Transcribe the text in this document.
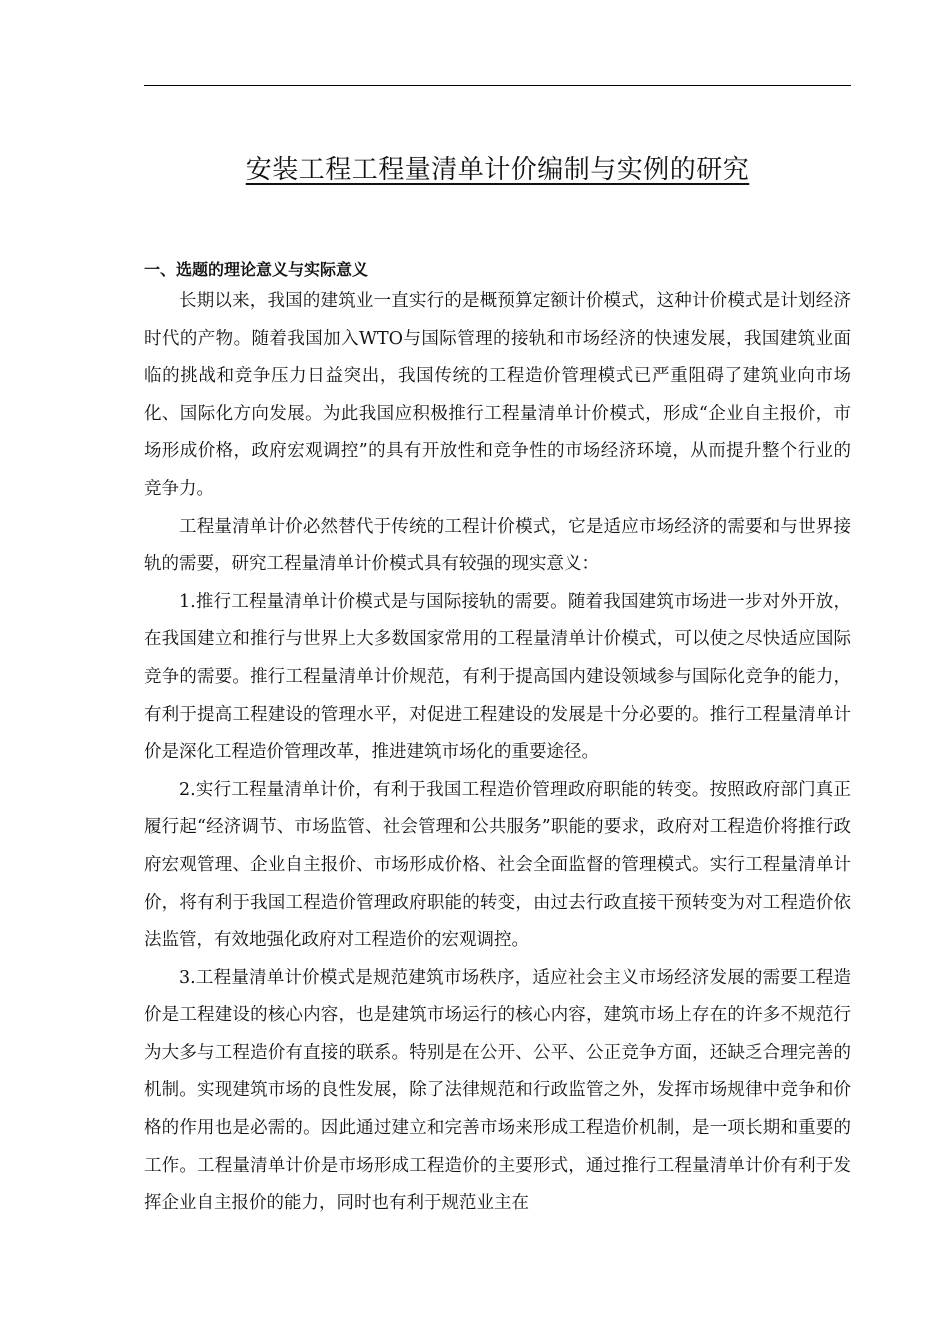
安装工程工程量清单计价编制与实例的研究
一、选题的理论意义与实际意义

长期以来，我国的建筑业一直实行的是概预算定额计价模式，这种计价模式是计划经济时代的产物。随着我国加入WTO与国际管理的接轨和市场经济的快速发展，我国建筑业面临的挑战和竞争压力日益突出，我国传统的工程造价管理模式已严重阻碍了建筑业向市场化、国际化方向发展。为此我国应积极推行工程量清单计价模式，形成“企业自主报价，市场形成价格，政府宏观调控”的具有开放性和竞争性的市场经济环境，从而提升整个行业的竞争力。

工程量清单计价必然替代于传统的工程计价模式，它是适应市场经济的需要和与世界接轨的需要，研究工程量清单计价模式具有较强的现实意义：

1.推行工程量清单计价模式是与国际接轨的需要。随着我国建筑市场进一步对外开放，在我国建立和推行与世界上大多数国家常用的工程量清单计价模式，可以使之尽快适应国际竞争的需要。推行工程量清单计价规范，有利于提高国内建设领域参与国际化竞争的能力，有利于提高工程建设的管理水平，对促进工程建设的发展是十分必要的。推行工程量清单计价是深化工程造价管理改革，推进建筑市场化的重要途径。

2.实行工程量清单计价，有利于我国工程造价管理政府职能的转变。按照政府部门真正履行起“经济调节、市场监管、社会管理和公共服务”职能的要求，政府对工程造价将推行政府宏观管理、企业自主报价、市场形成价格、社会全面监督的管理模式。实行工程量清单计价，将有利于我国工程造价管理政府职能的转变，由过去行政直接干预转变为对工程造价依法监管，有效地强化政府对工程造价的宏观调控。

3.工程量清单计价模式是规范建筑市场秩序，适应社会主义市场经济发展的需要工程造价是工程建设的核心内容，也是建筑市场运行的核心内容，建筑市场上存在的许多不规范行为大多与工程造价有直接的联系。特别是在公开、公平、公正竞争方面，还缺乏合理完善的机制。实现建筑市场的良性发展，除了法律规范和行政监管之外，发挥市场规律中竞争和价格的作用也是必需的。因此通过建立和完善市场来形成工程造价机制，是一项长期和重要的工作。工程量清单计价是市场形成工程造价的主要形式，通过推行工程量清单计价有利于发挥企业自主报价的能力，同时也有利于规范业主在
